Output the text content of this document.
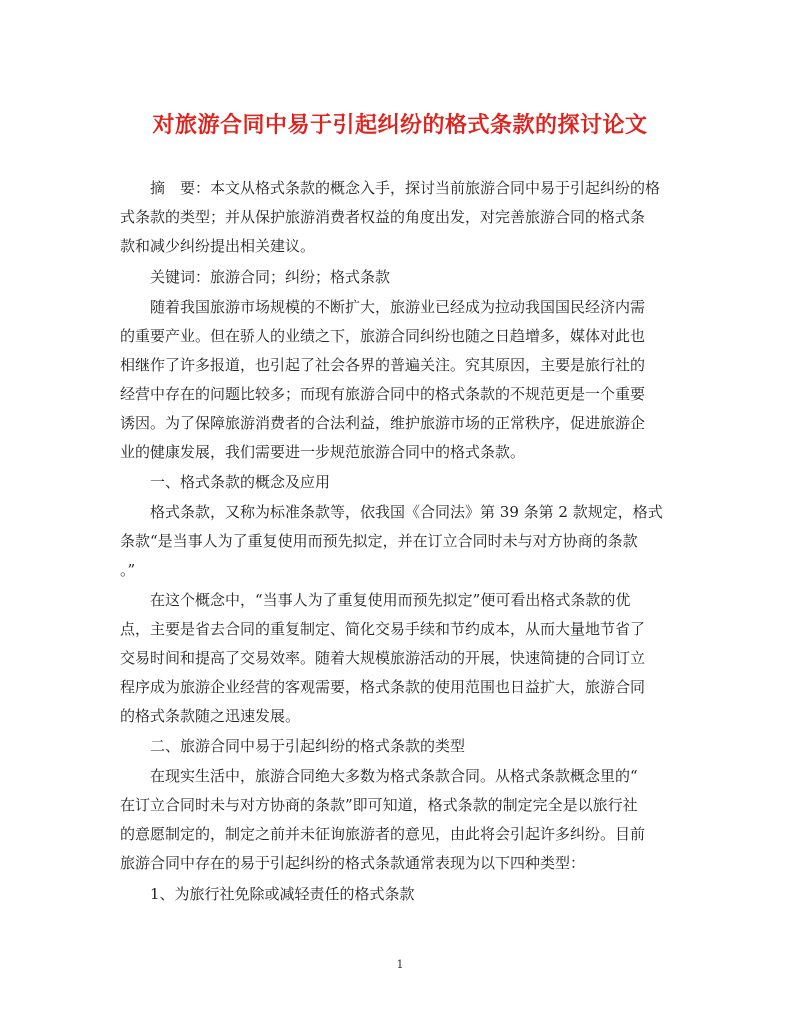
对旅游合同中易于引起纠纷的格式条款的探讨论文
摘　要：本文从格式条款的概念入手，探讨当前旅游合同中易于引起纠纷的格
式条款的类型；并从保护旅游消费者权益的角度出发，对完善旅游合同的格式条
款和减少纠纷提出相关建议。
关键词：旅游合同；纠纷；格式条款
随着我国旅游市场规模的不断扩大，旅游业已经成为拉动我国国民经济内需
的重要产业。但在骄人的业绩之下，旅游合同纠纷也随之日趋增多，媒体对此也
相继作了许多报道，也引起了社会各界的普遍关注。究其原因，主要是旅行社的
经营中存在的问题比较多；而现有旅游合同中的格式条款的不规范更是一个重要
诱因。为了保障旅游消费者的合法利益，维护旅游市场的正常秩序，促进旅游企
业的健康发展，我们需要进一步规范旅游合同中的格式条款。
一、格式条款的概念及应用
格式条款，又称为标准条款等，依我国《合同法》第 39 条第 2 款规定，格式
条款“是当事人为了重复使用而预先拟定，并在订立合同时未与对方协商的条款
。”
在这个概念中，“当事人为了重复使用而预先拟定”便可看出格式条款的优
点，主要是省去合同的重复制定、简化交易手续和节约成本，从而大量地节省了
交易时间和提高了交易效率。随着大规模旅游活动的开展，快速简捷的合同订立
程序成为旅游企业经营的客观需要，格式条款的使用范围也日益扩大，旅游合同
的格式条款随之迅速发展。
二、旅游合同中易于引起纠纷的格式条款的类型
在现实生活中，旅游合同绝大多数为格式条款合同。从格式条款概念里的“
在订立合同时未与对方协商的条款”即可知道，格式条款的制定完全是以旅行社
的意愿制定的，制定之前并未征询旅游者的意见，由此将会引起许多纠纷。目前
旅游合同中存在的易于引起纠纷的格式条款通常表现为以下四种类型：
1、为旅行社免除或减轻责任的格式条款
1
